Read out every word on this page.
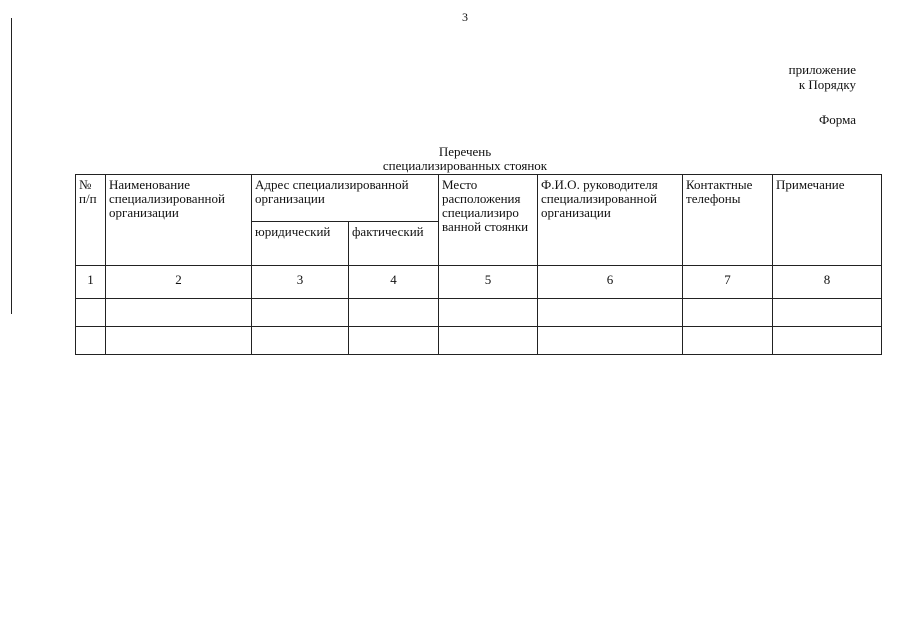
3
приложение
к Порядку
Форма
Перечень
специализированных стоянок
№ п/п	Наименование специализированной организации	Адрес специализированной организации		Место расположения специализиро ванной стоянки	Ф.И.О. руководителя специализированной организации	Контактные телефоны	Примечание
		юридический	фактический				
1	2	3	4	5	6	7	8
